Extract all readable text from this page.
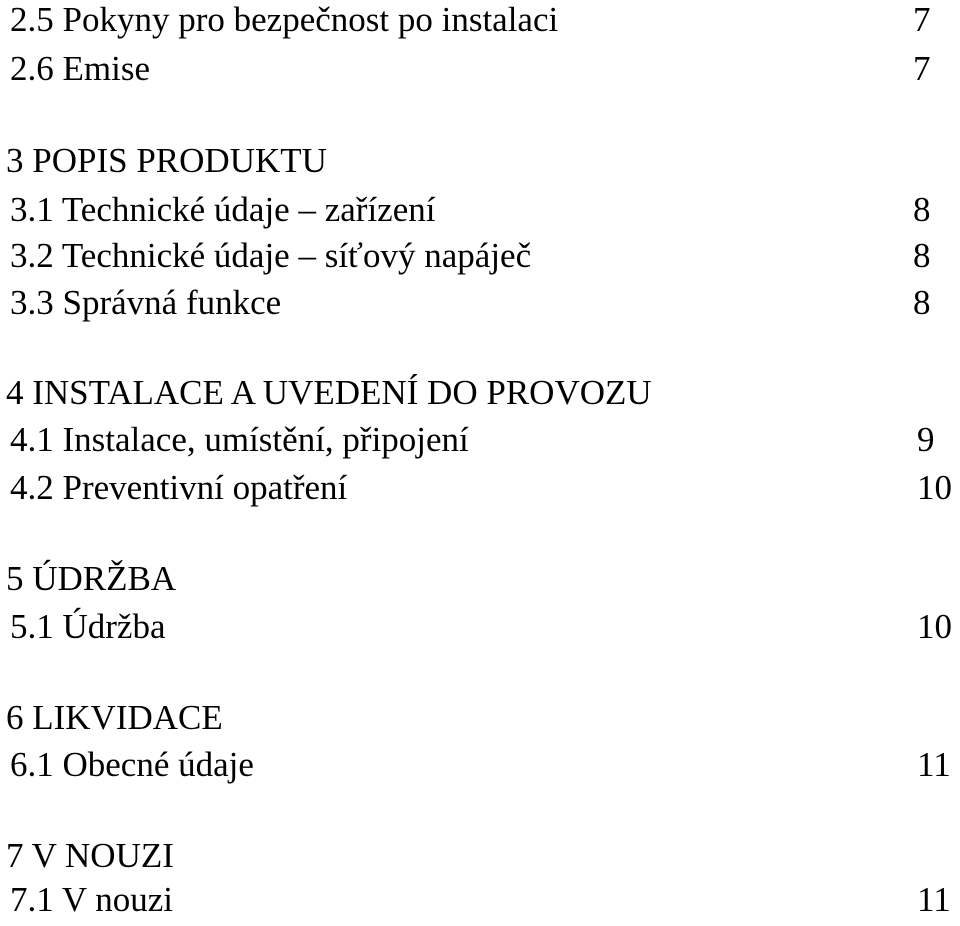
2.5 Pokyny pro bezpečnost po instalaci	7
2.6 Emise	7
3 POPIS PRODUKTU
3.1 Technické údaje – zařízení	8
3.2 Technické údaje – síťový napáječ	8
3.3 Správná funkce	8
4 INSTALACE A UVEDENÍ DO PROVOZU
4.1 Instalace, umístění, připojení	9
4.2 Preventivní opatření	10
5 ÚDRŽBA
5.1 Údržba	10
6 LIKVIDACE
6.1 Obecné údaje	11
7 V NOUZI
7.1 V nouzi	11
